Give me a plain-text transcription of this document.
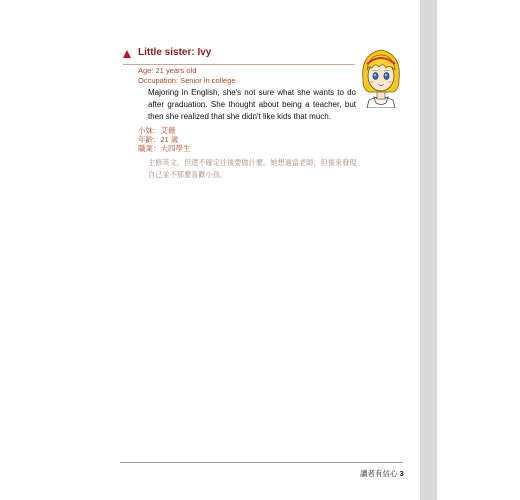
Little sister: Ivy
Age: 21 years old
Occupation: Senior in college
Majoring in English, she's not sure what she wants to do after graduation. She thought about being a teacher, but then she realized that she didn't like kids that much.
小妹：艾薇
年齡：21 歲
職業：大四學生
主修英文，但還不確定往後要做什麼。她想過當老師，但後來發現自己並不那麼喜歡小孩。
讀者有信心 3
